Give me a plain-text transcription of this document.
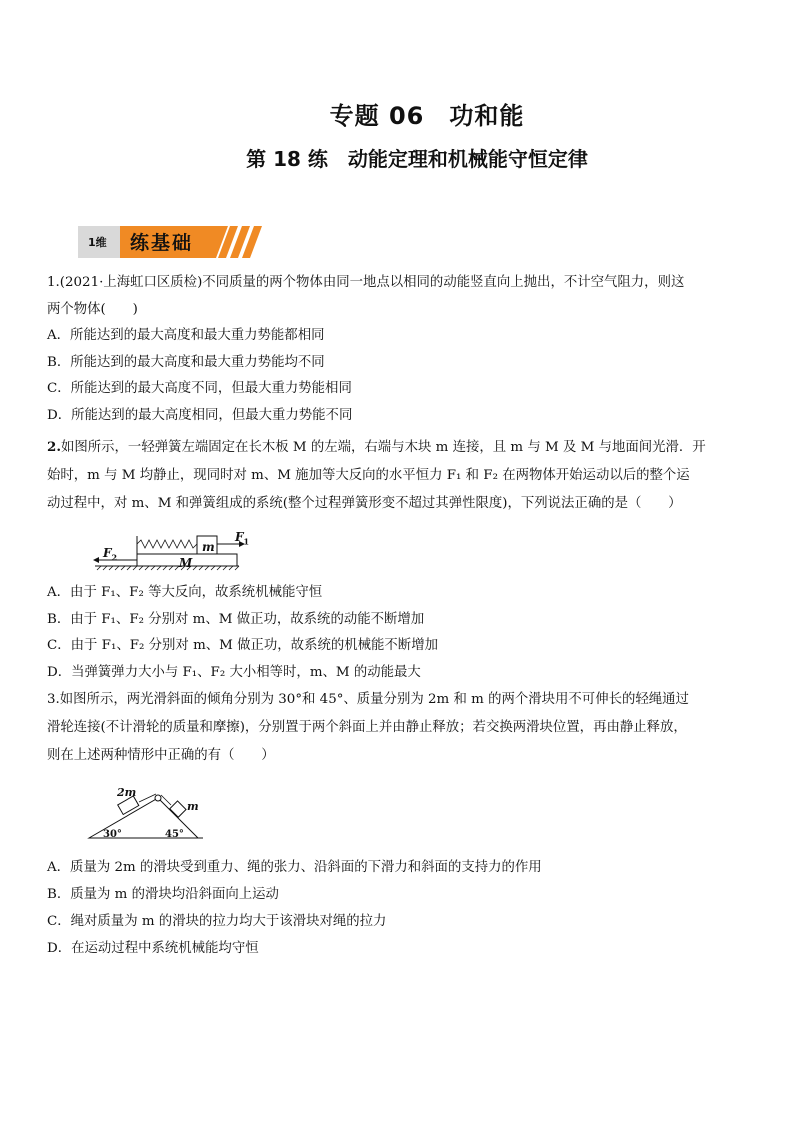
专题 06　功和能
第 18 练　动能定理和机械能守恒定律
1维 练基础

1.(2021·上海虹口区质检)不同质量的两个物体由同一地点以相同的动能竖直向上抛出，不计空气阻力，则这

两个物体(　　)

A．所能达到的最大高度和最大重力势能都相同

B．所能达到的最大高度和最大重力势能均不同

C．所能达到的最大高度不同，但最大重力势能相同

D．所能达到的最大高度相同，但最大重力势能不同

2.如图所示，一轻弹簧左端固定在长木板 M 的左端，右端与木块 m 连接，且 m 与 M 及 M 与地面间光滑．开

始时，m 与 M 均静止，现同时对 m、M 施加等大反向的水平恒力 F₁ 和 F₂ 在两物体开始运动以后的整个运

动过程中，对 m、M 和弹簧组成的系统(整个过程弹簧形变不超过其弹性限度)，下列说法正确的是（　　）

$F_1$
$F_2$	M
m

A．由于 F₁、F₂ 等大反向，故系统机械能守恒

B．由于 F₁、F₂ 分别对 m、M 做正功，故系统的动能不断增加

C．由于 F₁、F₂ 分别对 m、M 做正功，故系统的机械能不断增加

D．当弹簧弹力大小与 F₁、F₂ 大小相等时，m、M 的动能最大

3.如图所示，两光滑斜面的倾角分别为 30°和 45°、质量分别为 2m 和 m 的两个滑块用不可伸长的轻绳通过

滑轮连接(不计滑轮的质量和摩擦)，分别置于两个斜面上并由静止释放；若交换两滑块位置，再由静止释放，

则在上述两种情形中正确的有（　　）

2m
m
30°	45°

A．质量为 2m 的滑块受到重力、绳的张力、沿斜面的下滑力和斜面的支持力的作用

B．质量为 m 的滑块均沿斜面向上运动

C．绳对质量为 m 的滑块的拉力均大于该滑块对绳的拉力

D．在运动过程中系统机械能均守恒
